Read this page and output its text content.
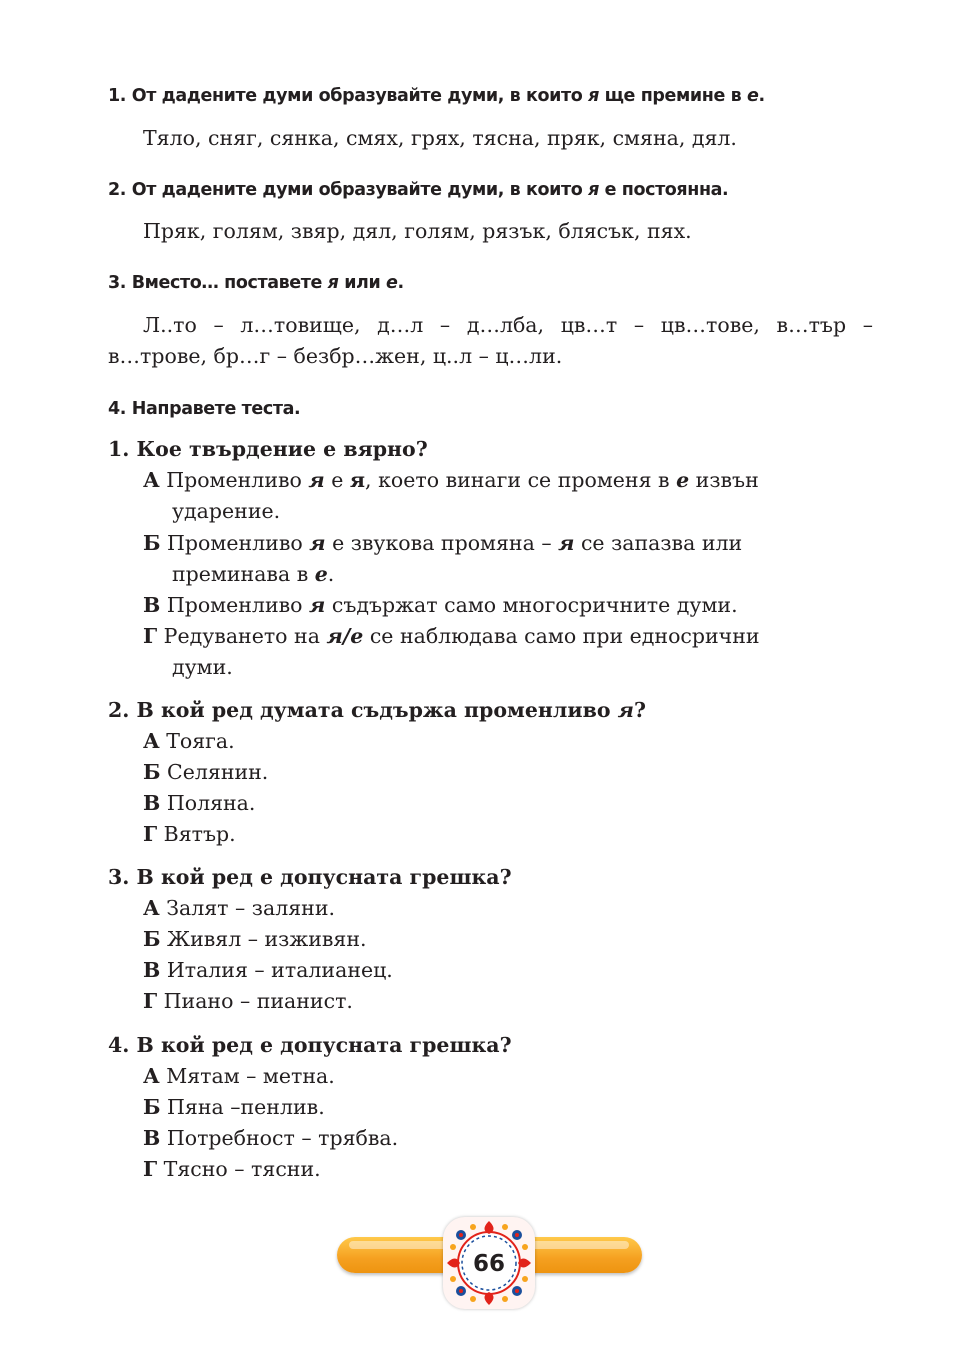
1. От дадените думи образувайте думи, в които я ще премине в е.

Тяло, сняг, сянка, смях, грях, тясна, пряк, смяна, дял.

2. От дадените думи образувайте думи, в които я е постоянна.

Пряк, голям, звяр, дял, голям, рязък, блясък, пях.

3. Вместо… поставете я или е.

Л..то – л…товище, д…л – д…лба, цв…т – цв…тове, в…тър –
в…трове, бр…г – безбр…жен, ц..л – ц…ли.

4. Направете теста.

1. Кое твърдение е вярно?

А Променливо я е я, което винаги се променя в е извън
ударение.

Б Променливо я е звукова промяна – я се запазва или
преминава в е.

В Променливо я съдържат само многосричните думи.

Г Редуването на я/е се наблюдава само при едносрични
думи.

2. В кой ред думата съдържа променливо я?

А Тояга.

Б Селянин.

В Поляна.

Г Вятър.

3. В кой ред е допусната грешка?

А Залят – заляни.

Б Живял – изживян.

В Италия – италианец.

Г Пиано – пианист.

4. В кой ред е допусната грешка?

А Мятам – метна.

Б Пяна –пенлив.

В Потребност – трябва.

Г Тясно – тясни.

66
